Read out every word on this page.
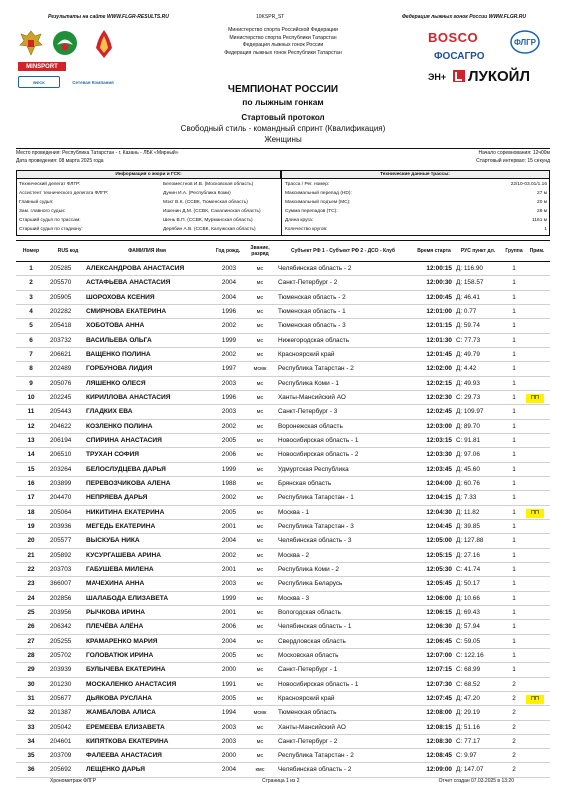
Результаты на сайте WWW.FLGR-RESULTS.RU	10KSPR_ST	Федерация лыжных гонок России WWW.FLGR.RU
MINSPORT
ВФСК	Сетевая Компания
BOSCO	ФЛГР
ФОСАГРО
ЭН+ ЛУКОЙЛ
Министерство спорта Российской Федерации
Министерство спорта Республики Татарстан
Федерация лыжных гонок России
Федерация лыжных гонок Республики Татарстан
ЧЕМПИОНАТ РОССИИ
по лыжным гонкам
Стартовый протокол
Свободный стиль - командный спринт (Квалификация)
Женщины
Место проведения: Республика Татарстан - г. Казань - ЛБК «Мирный»	Начало соревнования: 12ч00м
Дата проведения: 08 марта 2025 года	Стартовый интервал: 15 секунд
Информация о жюри и ГСК:	Технические данные трассы:
Технический делегат ФЛГР:	Беломестнов И.В. (Московская область)
Ассистент технического делегата ФЛГР:	Дунин И.А. (Республика Коми)
Главный судья:	Мэкт В.К. (ССВК, Тюменская область)
Зам. главного судьи:	Ишенин Д.М. (ССВК, Сахалинская область)
Старший судья по трассам:	Шень В.П. (ССВК, Мурманская область)
Старший судья по стадиону:	Дерябин А.В. (ССВК, Калужская область)
Трасса / Рег. номер:	22/10-03.01/1.16
Максимальный перепад (HD):	27 м
Максимальный подъем (MC):	20 м
Сумма перепадов (TC):	28 м
Длина круга:	1161 м
Количество кругов:	1
Номер	RUS код	ФАМИЛИЯ Имя	Год рожд.	Звание, разряд	Субъект РФ 1 - Субъект РФ 2 - ДСО - Клуб	Время старта	РУС пункт дл.	Группа	Прим.
1	205285	АЛЕКСАНДРОВА АНАСТАСИЯ	2003	мс	Челябинская область - 2	12:00:15 Д: 116.90	1
2	205570	АСТАФЬЕВА АНАСТАСИЯ	2004	мс	Санкт-Петербург - 2	12:00:30 Д: 158.57	1
3	205905	ШОРОХОВА КСЕНИЯ	2004	мс	Тюменская область - 2	12:00:45 Д: 46.41	1
4	202282	СМИРНОВА ЕКАТЕРИНА	1996	мс	Тюменская область - 1	12:01:00 Д: 0.77	1
5	205418	ХОБОТОВА АННА	2002	мс	Тюменская область - 3	12:01:15 Д: 59.74	1
6	203732	ВАСИЛЬЕВА ОЛЬГА	1999	мс	Нижегородская область	12:01:30 С: 77.73	1
7	206621	ВАЩЕНКО ПОЛИНА	2002	мс	Красноярский край	12:01:45 Д: 49.79	1
8	202489	ГОРБУНОВА ЛИДИЯ	1997	мсмк	Республика Татарстан - 2	12:02:00 Д: 4.42	1
9	205076	ЛЯШЕНКО ОЛЕСЯ	2003	мс	Республика Коми - 1	12:02:15 Д: 49.93	1
10	202245	КИРИЛЛОВА АНАСТАСИЯ	1996	мс	Ханты-Мансийский АО	12:02:30 С: 29.73	1	ПП
11	205443	ГЛАДКИХ ЕВА	2003	мс	Санкт-Петербург - 3	12:02:45 Д: 109.97	1
12	204622	КОЗЛЕНКО ПОЛИНА	2002	мс	Воронежская область	12:03:00 Д: 89.70	1
13	206194	СПИРИНА АНАСТАСИЯ	2005	мс	Новосибирская область - 1	12:03:15 С: 91.81	1
14	206510	ТРУХАН СОФИЯ	2006	мс	Новосибирская область - 2	12:03:30 Д: 97.06	1
15	203264	БЕЛОСЛУДЦЕВА ДАРЬЯ	1999	мс	Удмуртская Республика	12:03:45 Д: 45.60	1
16	203899	ПЕРЕВОЗЧИКОВА АЛЕНА	1988	мс	Брянская область	12:04:00 Д: 60.76	1
17	204470	НЕПРЯЕВА ДАРЬЯ	2002	мс	Республика Татарстан - 1	12:04:15 Д: 7.33	1
18	205064	НИКИТИНА ЕКАТЕРИНА	2005	мс	Москва - 1	12:04:30 Д: 11.82	1	ПП
19	203936	МЕГЕДЬ ЕКАТЕРИНА	2001	мс	Республика Татарстан - 3	12:04:45 Д: 39.85	1
20	205577	ВЫСКУБА НИКА	2004	мс	Челябинская область - 3	12:05:00 Д: 127.88	1
21	205892	КУСУРГАШЕВА АРИНА	2002	мс	Москва - 2	12:05:15 Д: 27.16	1
22	203703	ГАБУШЕВА МИЛЕНА	2001	мс	Республика Коми - 2	12:05:30 С: 41.74	1
23	366007	МАЧЕХИНА АННА	2003	мс	Республика Беларусь	12:05:45 Д: 50.17	1
24	202856	ШАЛАБОДА ЕЛИЗАВЕТА	1999	мс	Москва - 3	12:06:00 Д: 10.66	1
25	203956	РЫЧКОВА ИРИНА	2001	мс	Вологодская область	12:06:15 Д: 69.43	1
26	206342	ПЛЕЧЁВА АЛЁНА	2006	мс	Челябинская область - 1	12:06:30 Д: 57.94	1
27	205255	КРАМАРЕНКО МАРИЯ	2004	мс	Свердловская область	12:06:45 С: 59.05	1
28	205702	ГОЛОВАТЮК ИРИНА	2005	мс	Московская область	12:07:00 С: 122.16	1
29	203939	БУЛЫЧЕВА ЕКАТЕРИНА	2000	мс	Санкт-Петербург - 1	12:07:15 С: 68.99	1
30	201230	МОСКАЛЕНКО АНАСТАСИЯ	1991	мс	Новосибирская область - 1	12:07:30 С: 68.52	2
31	205677	ДЬЯКОВА РУСЛАНА	2005	мс	Красноярский край	12:07:45 Д: 47.20	2	ПП
32	201387	ЖАМБАЛОВА АЛИСА	1994	мсмк	Тюменская область	12:08:00 Д: 29.19	2
33	205042	ЕРЕМЕЕВА ЕЛИЗАВЕТА	2003	мс	Ханты-Мансийский АО	12:08:15 Д: 51.16	2
34	204601	КИПЯТКОВА ЕКАТЕРИНА	2003	мс	Санкт-Петербург - 2	12:08:30 С: 77.17	2
35	203709	ФАЛЕЕВА АНАСТАСИЯ	2000	мс	Республика Татарстан - 2	12:08:45 С: 9.97	2
36	205692	ЛЕЩЕНКО ДАРЬЯ	2004	кмс	Челябинская область - 2	12:09:00 Д: 147.07	2
Хронометраж ФЛГР	Страница 1 из 2	Отчет создан 07.03.2025 в 13:20
